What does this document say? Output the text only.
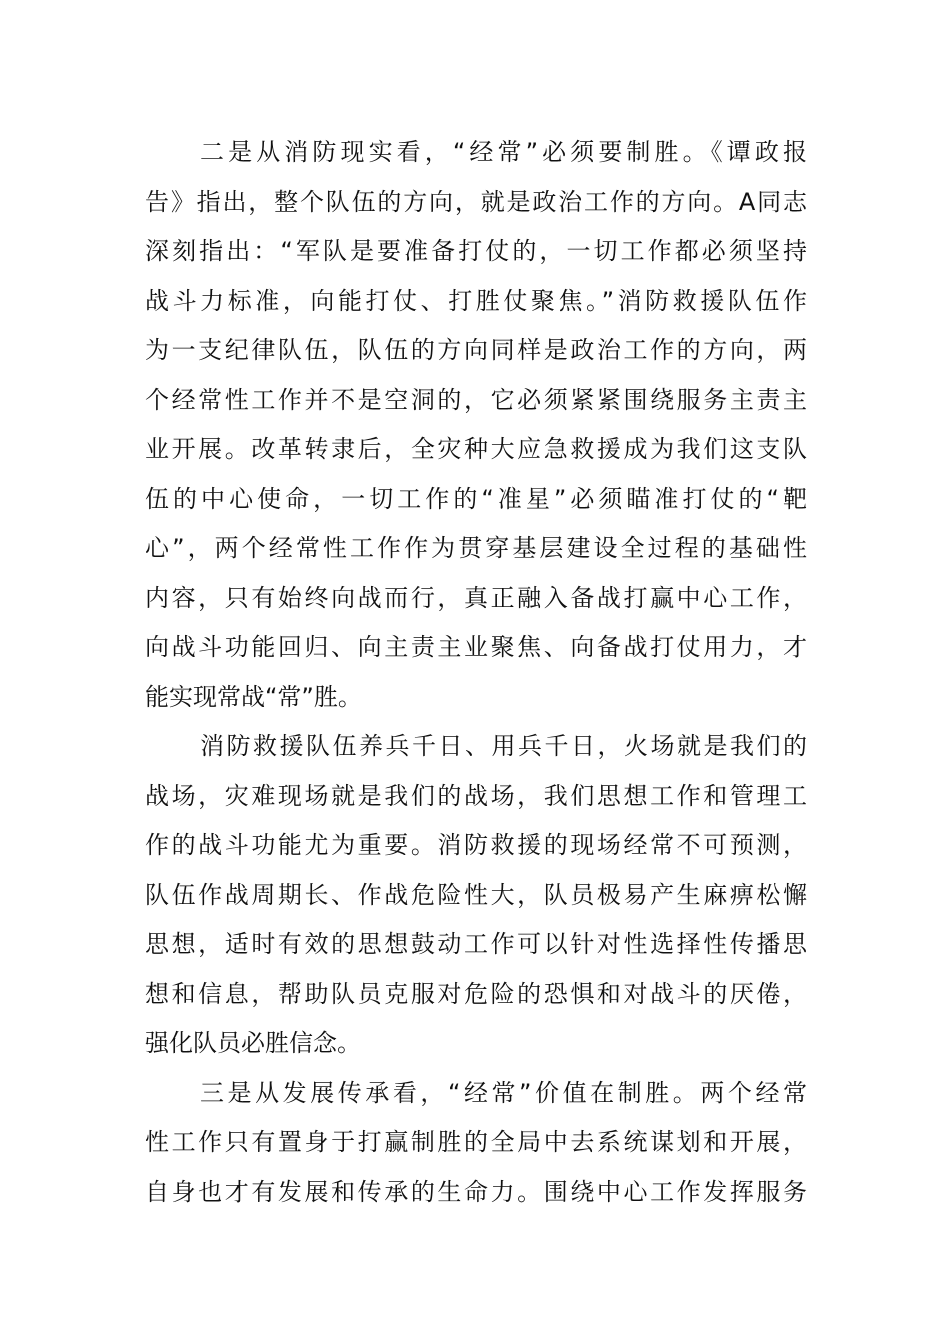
二是从消防现实看，“经常”必须要制胜。《谭政报
告》指出，整个队伍的方向，就是政治工作的方向。A同志
深刻指出：“军队是要准备打仗的，一切工作都必须坚持
战斗力标准，向能打仗、打胜仗聚焦。”消防救援队伍作
为一支纪律队伍，队伍的方向同样是政治工作的方向，两
个经常性工作并不是空洞的，它必须紧紧围绕服务主责主
业开展。改革转隶后，全灾种大应急救援成为我们这支队
伍的中心使命，一切工作的“准星”必须瞄准打仗的“靶
心”，两个经常性工作作为贯穿基层建设全过程的基础性
内容，只有始终向战而行，真正融入备战打赢中心工作，
向战斗功能回归、向主责主业聚焦、向备战打仗用力，才
能实现常战“常”胜。
消防救援队伍养兵千日、用兵千日，火场就是我们的
战场，灾难现场就是我们的战场，我们思想工作和管理工
作的战斗功能尤为重要。消防救援的现场经常不可预测，
队伍作战周期长、作战危险性大，队员极易产生麻痹松懈
思想，适时有效的思想鼓动工作可以针对性选择性传播思
想和信息，帮助队员克服对危险的恐惧和对战斗的厌倦，
强化队员必胜信念。
三是从发展传承看，“经常”价值在制胜。两个经常
性工作只有置身于打赢制胜的全局中去系统谋划和开展，
自身也才有发展和传承的生命力。围绕中心工作发挥服务
